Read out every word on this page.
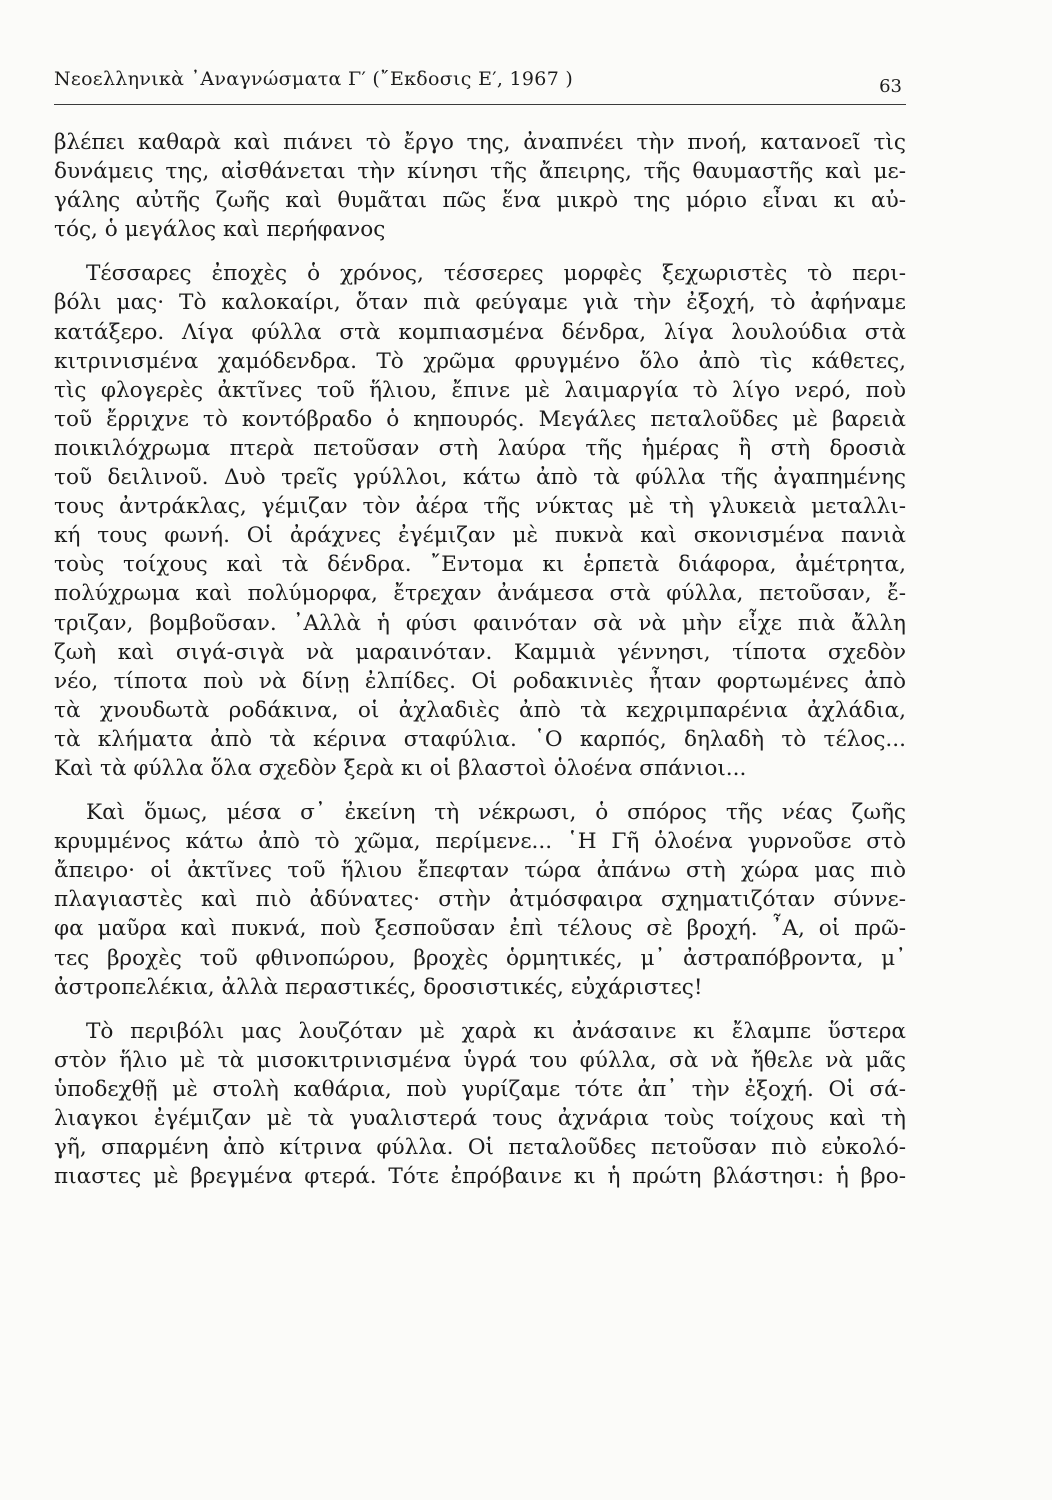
Νεοελληνικὰ ᾿Αναγνώσματα Γ′ (῎Εκδοσις Ε′, 1967 )	63
βλέπει καθαρὰ καὶ πιάνει τὸ ἔργο της, ἀναπνέει τὴν πνοή, κατανοεῖ τὶς
δυνάμεις της, αἰσθάνεται τὴν κίνησι τῆς ἄπειρης, τῆς θαυμαστῆς καὶ με-
γάλης αὐτῆς ζωῆς καὶ θυμᾶται πῶς ἕνα μικρὸ της μόριο εἶναι κι αὐ-
τός, ὁ μεγάλος καὶ περήφανος
Τέσσαρες ἐποχὲς ὁ χρόνος, τέσσερες μορφὲς ξεχωριστὲς τὸ περι-
βόλι μας· Τὸ καλοκαίρι, ὅταν πιὰ φεύγαμε γιὰ τὴν ἐξοχή, τὸ ἀφήναμε
κατάξερο. Λίγα φύλλα στὰ κομπιασμένα δένδρα, λίγα λουλούδια στὰ
κιτρινισμένα χαμόδενδρα. Τὸ χρῶμα φρυγμένο ὅλο ἀπὸ τὶς κάθετες,
τὶς φλογερὲς ἀκτῖνες τοῦ ἥλιου, ἔπινε μὲ λαιμαργία τὸ λίγο νερό, ποὺ
τοῦ ἔρριχνε τὸ κοντόβραδο ὁ κηπουρός. Μεγάλες πεταλοῦδες μὲ βαρειὰ
ποικιλόχρωμα πτερὰ πετοῦσαν στὴ λαύρα τῆς ἡμέρας ἢ στὴ δροσιὰ
τοῦ δειλινοῦ. Δυὸ τρεῖς γρύλλοι, κάτω ἀπὸ τὰ φύλλα τῆς ἀγαπημένης
τους ἀντράκλας, γέμιζαν τὸν ἀέρα τῆς νύκτας μὲ τὴ γλυκειὰ μεταλλι-
κή τους φωνή. Οἱ ἀράχνες ἐγέμιζαν μὲ πυκνὰ καὶ σκονισμένα πανιὰ
τοὺς τοίχους καὶ τὰ δένδρα. ῎Εντομα κι ἑρπετὰ διάφορα, ἀμέτρητα,
πολύχρωμα καὶ πολύμορφα, ἔτρεχαν ἀνάμεσα στὰ φύλλα, πετοῦσαν, ἔ-
τριζαν, βομβοῦσαν. ᾿Αλλὰ ἡ φύσι φαινόταν σὰ νὰ μὴν εἶχε πιὰ ἄλλη
ζωὴ καὶ σιγά-σιγὰ νὰ μαραινόταν. Καμμιὰ γέννησι, τίποτα σχεδὸν
νέο, τίποτα ποὺ νὰ δίνῃ ἐλπίδες. Οἱ ροδακινιὲς ἦταν φορτωμένες ἀπὸ
τὰ χνουδωτὰ ροδάκινα, οἱ ἀχλαδιὲς ἀπὸ τὰ κεχριμπαρένια ἀχλάδια,
τὰ κλήματα ἀπὸ τὰ κέρινα σταφύλια. ῾Ο καρπός, δηλαδὴ τὸ τέλος...
Καὶ τὰ φύλλα ὅλα σχεδὸν ξερὰ κι οἱ βλαστοὶ ὁλοένα σπάνιοι...
Καὶ ὅμως, μέσα σ᾿ ἐκείνη τὴ νέκρωσι, ὁ σπόρος τῆς νέας ζωῆς
κρυμμένος κάτω ἀπὸ τὸ χῶμα, περίμενε... ῾Η Γῆ ὁλοένα γυρνοῦσε στὸ
ἄπειρο· οἱ ἀκτῖνες τοῦ ἥλιου ἔπεφταν τώρα ἀπάνω στὴ χώρα μας πιὸ
πλαγιαστὲς καὶ πιὸ ἀδύνατες· στὴν ἀτμόσφαιρα σχηματιζόταν σύννε-
φα μαῦρα καὶ πυκνά, ποὺ ξεσποῦσαν ἐπὶ τέλους σὲ βροχή. ῏Α, οἱ πρῶ-
τες βροχὲς τοῦ φθινοπώρου, βροχὲς ὁρμητικές, μ᾿ ἀστραπόβροντα, μ᾿
ἀστροπελέκια, ἀλλὰ περαστικές, δροσιστικές, εὐχάριστες!
Τὸ περιβόλι μας λουζόταν μὲ χαρὰ κι ἀνάσαινε κι ἔλαμπε ὕστερα
στὸν ἥλιο μὲ τὰ μισοκιτρινισμένα ὑγρά του φύλλα, σὰ νὰ ἤθελε νὰ μᾶς
ὑποδεχθῇ μὲ στολὴ καθάρια, ποὺ γυρίζαμε τότε ἀπ᾿ τὴν ἐξοχή. Οἱ σά-
λιαγκοι ἐγέμιζαν μὲ τὰ γυαλιστερά τους ἀχνάρια τοὺς τοίχους καὶ τὴ
γῆ, σπαρμένη ἀπὸ κίτρινα φύλλα. Οἱ πεταλοῦδες πετοῦσαν πιὸ εὐκολό-
πιαστες μὲ βρεγμένα φτερά. Τότε ἐπρόβαινε κι ἡ πρώτη βλάστησι: ἡ βρο-
